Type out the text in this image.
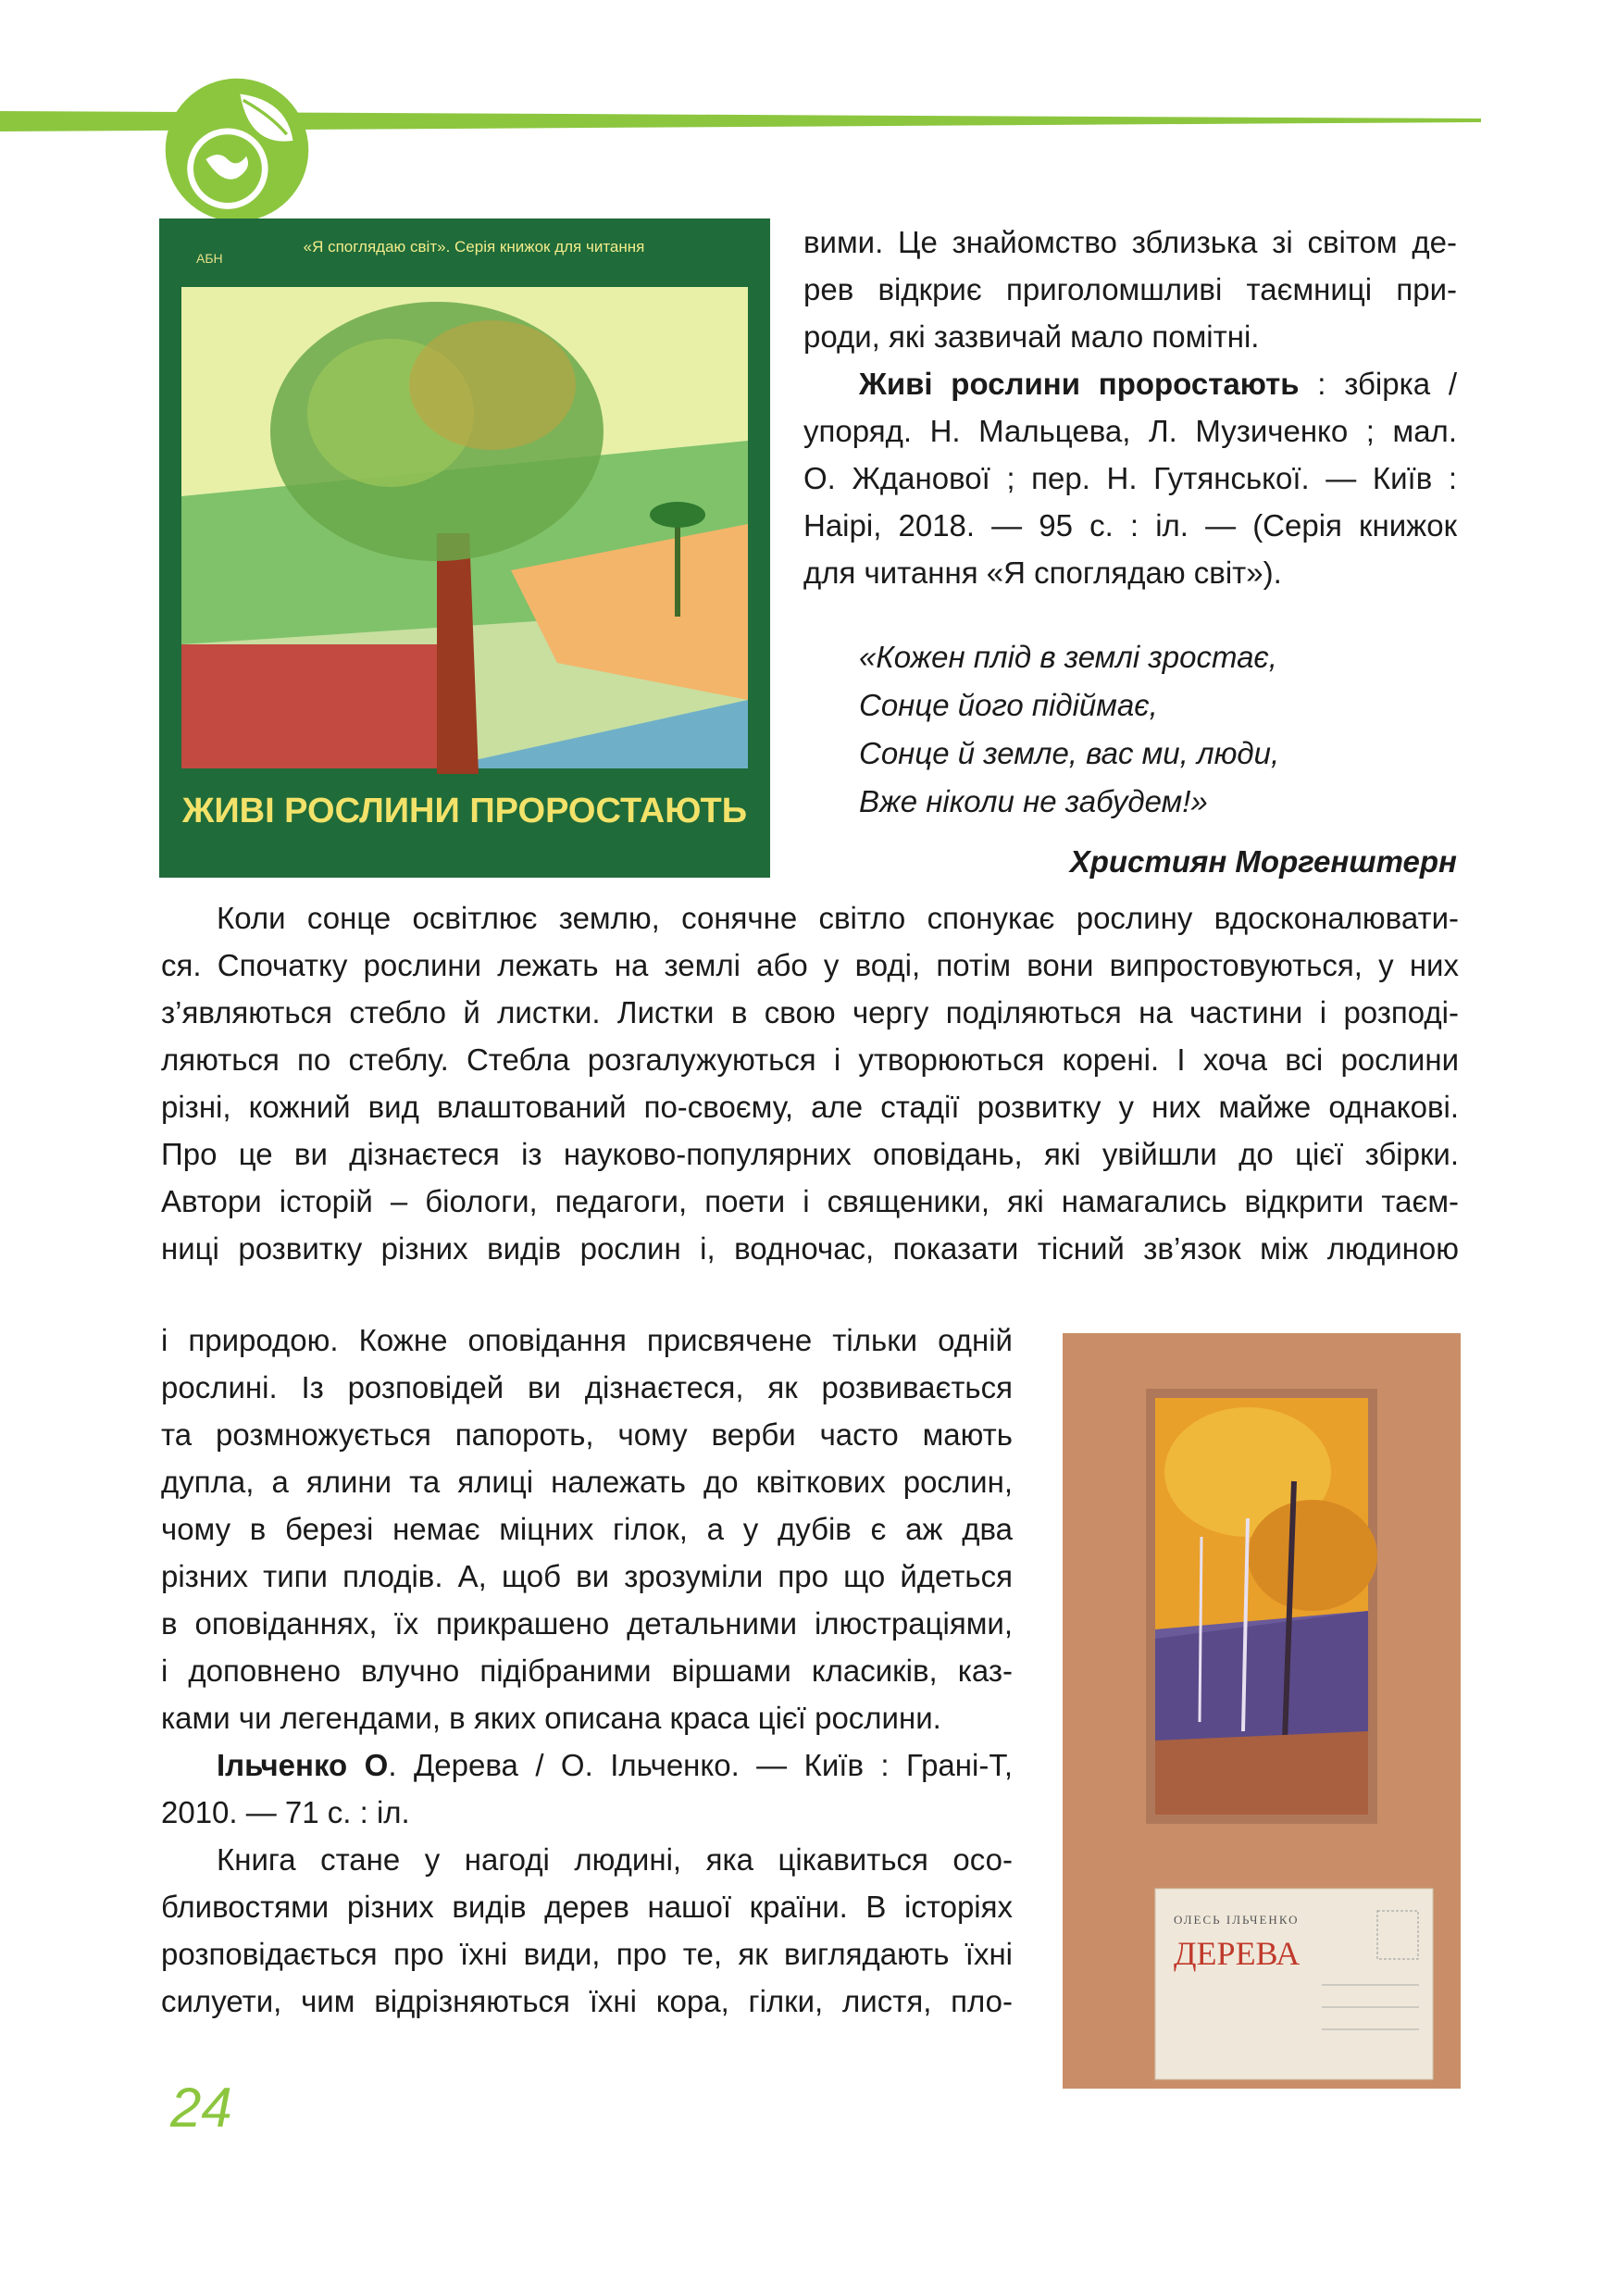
АБН
«Я споглядаю світ». Серія книжок для читання
ЖИВІ РОСЛИНИ ПРОРОСТАЮТЬ

вими. Це знайомство зблизька зі світом де-

рев відкриє приголомшливі таємниці при-

роди, які зазвичай мало помітні.

Живі рослини проростають : збірка /

упоряд. Н. Мальцева, Л. Музиченко ; мал.

О. Жданової ; пер. Н. Гутянської. — Київ :

Наірі, 2018. — 95 с. : іл. — (Серія книжок

для читання «Я споглядаю світ»).

«Кожен плід в землі зростає,
Сонце його підіймає,
Сонце й земле, вас ми, люди,
Вже ніколи не забудем!»
Християн Моргенштерн

Коли сонце освітлює землю, сонячне світло спонукає рослину вдосконалювати-

ся. Спочатку рослини лежать на землі або у воді, потім вони випростовуються, у них

з’являються стебло й листки. Листки в свою чергу поділяються на частини і розподі-

ляються по стеблу. Стебла розгалужуються і утворюються корені. І хоча всі рослини

різні, кожний вид влаштований по-своєму, але стадії розвитку у них майже однакові.

Про це ви дізнаєтеся із науково-популярних оповідань, які увійшли до цієї збірки.

Автори історій – біологи, педагоги, поети і священики, які намагались відкрити таєм-

ниці розвитку різних видів рослин і, водночас, показати тісний зв’язок між людиною

і природою. Кожне оповідання присвячене тільки одній

рослині. Із розповідей ви дізнаєтеся, як розвивається

та розмножується папороть, чому верби часто мають

дупла, а ялини та ялиці належать до квіткових рослин,

чому в березі немає міцних гілок, а у дубів є аж два

різних типи плодів. А, щоб ви зрозуміли про що йдеться

в оповіданнях, їх прикрашено детальними ілюстраціями,

і доповнено влучно підібраними віршами класиків, каз-

ками чи легендами, в яких описана краса цієї рослини.

Ільченко О. Дерева / О. Ільченко. — Київ : Грані-Т,

2010. — 71 с. : іл.

Книга стане у нагоді людині, яка цікавиться осо-

бливостями різних видів дерев нашої країни. В історіях

розповідається про їхні види, про те, як виглядають їхні

силуети, чим відрізняються їхні кора, гілки, листя, пло-

ОЛЕСЬ ІЛЬЧЕНКО
ДЕРЕВА
24
